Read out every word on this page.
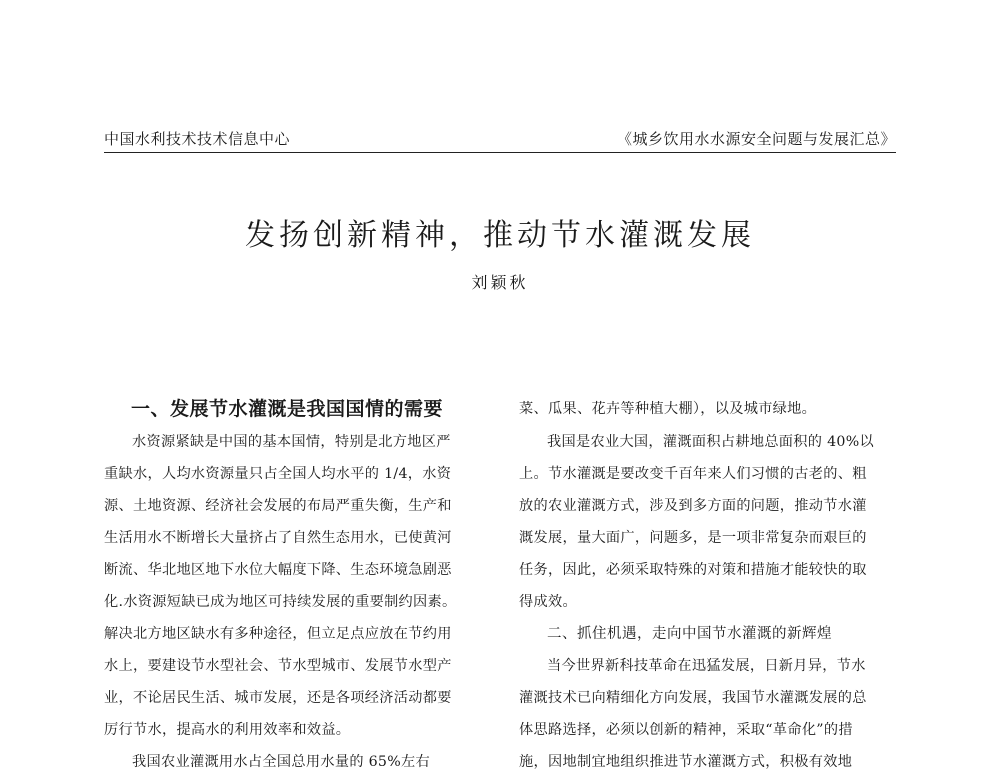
中国水利技术技术信息中心	《城乡饮用水水源安全问题与发展汇总》
发扬创新精神，推动节水灌溉发展
刘颖秋
一、发展节水灌溉是我国国情的需要
水资源紧缺是中国的基本国情，特别是北方地区严
重缺水，人均水资源量只占全国人均水平的 1/4，水资
源、土地资源、经济社会发展的布局严重失衡，生产和
生活用水不断增长大量挤占了自然生态用水，已使黄河
断流、华北地区地下水位大幅度下降、生态环境急剧恶
化.水资源短缺已成为地区可持续发展的重要制约因素。
解决北方地区缺水有多种途径，但立足点应放在节约用
水上，要建设节水型社会、节水型城市、发展节水型产
业，不论居民生活、城市发展，还是各项经济活动都要
厉行节水，提高水的利用效率和效益。
我国农业灌溉用水占全国总用水量的 65%左右
菜、瓜果、花卉等种植大棚），以及城市绿地。
我国是农业大国，灌溉面积占耕地总面积的 40%以
上。节水灌溉是要改变千百年来人们习惯的古老的、粗
放的农业灌溉方式，涉及到多方面的问题，推动节水灌
溉发展，量大面广，问题多，是一项非常复杂而艰巨的
任务，因此，必须采取特殊的对策和措施才能较快的取
得成效。
二、抓住机遇，走向中国节水灌溉的新辉煌
当今世界新科技革命在迅猛发展，日新月异，节水
灌溉技术已向精细化方向发展，我国节水灌溉发展的总
体思路选择，必须以创新的精神，采取“革命化”的措
施，因地制宜地组织推进节水灌溉方式，积极有效地
